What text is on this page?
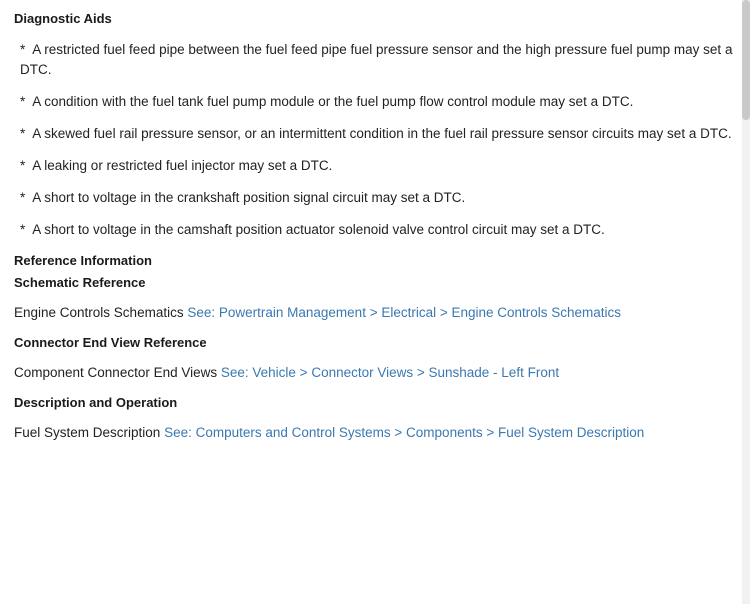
Diagnostic Aids
* A restricted fuel feed pipe between the fuel feed pipe fuel pressure sensor and the high pressure fuel pump may set a DTC.
* A condition with the fuel tank fuel pump module or the fuel pump flow control module may set a DTC.
* A skewed fuel rail pressure sensor, or an intermittent condition in the fuel rail pressure sensor circuits may set a DTC.
* A leaking or restricted fuel injector may set a DTC.
* A short to voltage in the crankshaft position signal circuit may set a DTC.
* A short to voltage in the camshaft position actuator solenoid valve control circuit may set a DTC.
Reference Information
Schematic Reference
Engine Controls Schematics See: Powertrain Management > Electrical > Engine Controls Schematics
Connector End View Reference
Component Connector End Views See: Vehicle > Connector Views > Sunshade - Left Front
Description and Operation
Fuel System Description See: Computers and Control Systems > Components > Fuel System Description
